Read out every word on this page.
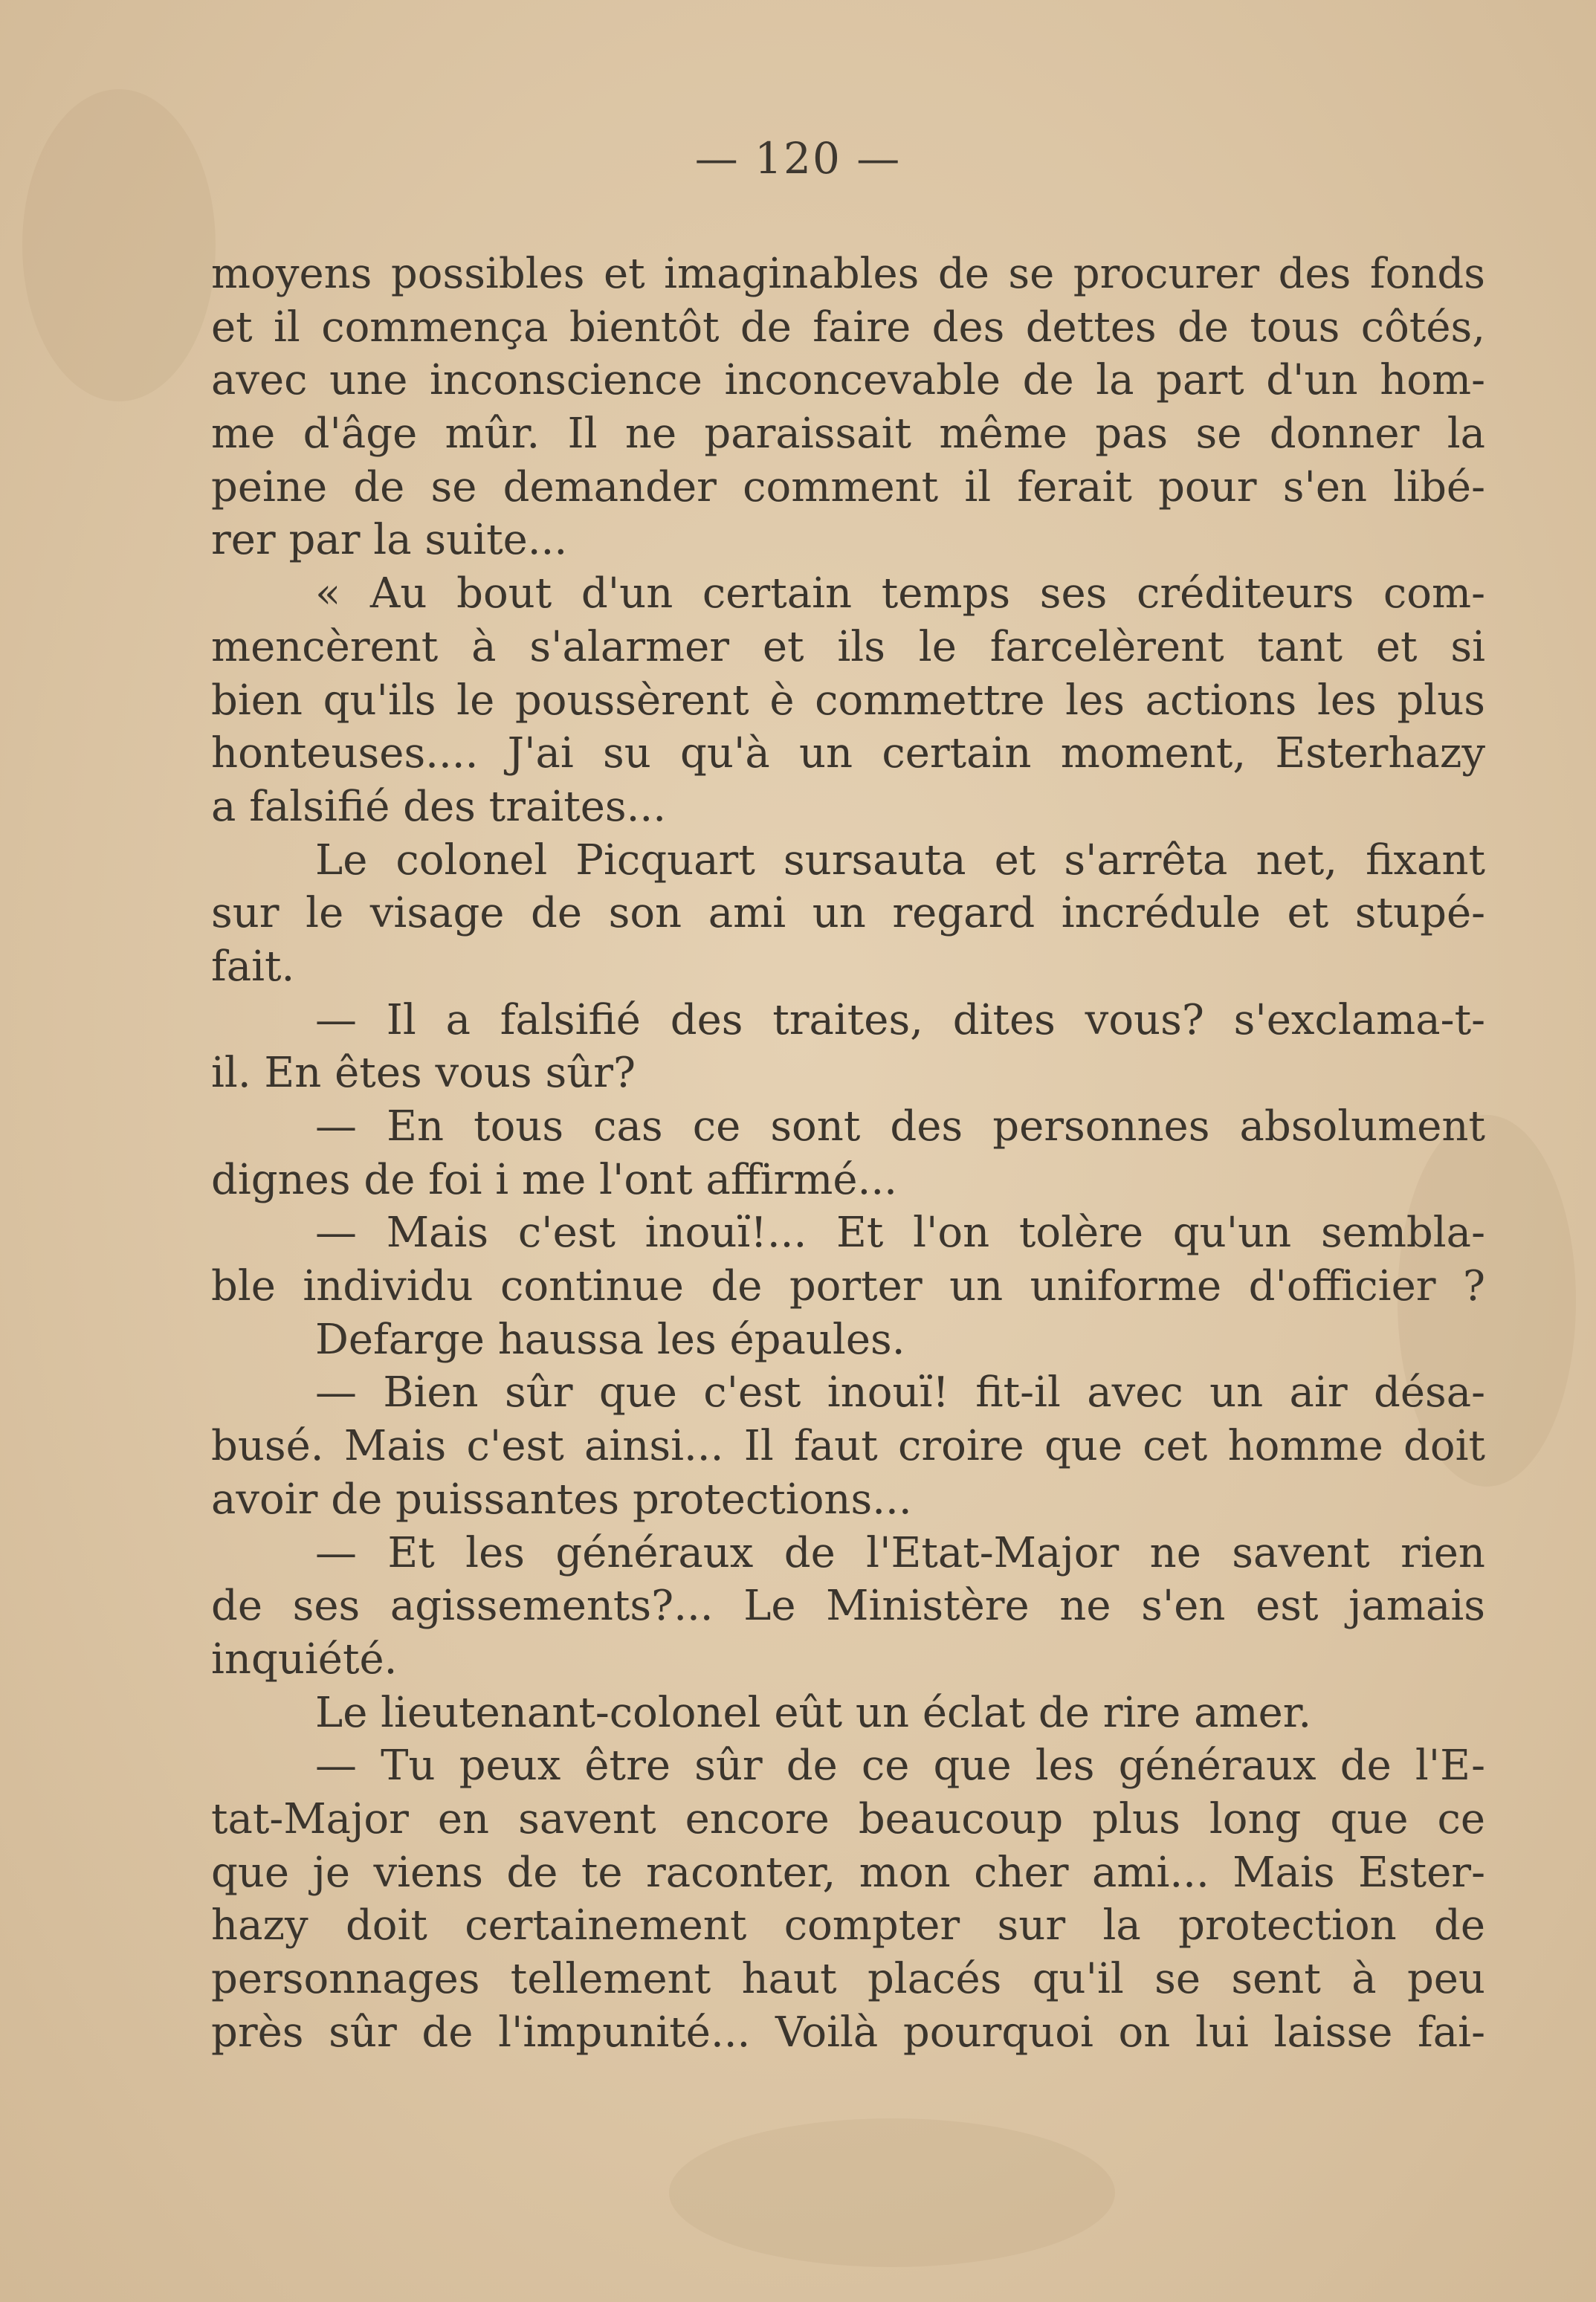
— 120 —
moyens possibles et imaginables de se procurer des fonds
et il commença bientôt de faire des dettes de tous côtés,
avec une inconscience inconcevable de la part d'un hom-
me d'âge mûr. Il ne paraissait même pas se donner la
peine de se demander comment il ferait pour s'en libé-
rer par la suite...
« Au bout d'un certain temps ses créditeurs com-
mencèrent à s'alarmer et ils le farcelèrent tant et si
bien qu'ils le poussèrent è commettre les actions les plus
honteuses.... J'ai su qu'à un certain moment, Esterhazy
a falsifié des traites...
Le colonel Picquart sursauta et s'arrêta net, fixant
sur le visage de son ami un regard incrédule et stupé-
fait.
— Il a falsifié des traites, dites vous? s'exclama-t-
il. En êtes vous sûr?
— En tous cas ce sont des personnes absolument
dignes de foi i me l'ont affirmé...
— Mais c'est inouï!... Et l'on tolère qu'un sembla-
ble individu continue de porter un uniforme d'officier ?
Defarge haussa les épaules.
— Bien sûr que c'est inouï! fit-il avec un air désa-
busé. Mais c'est ainsi... Il faut croire que cet homme doit
avoir de puissantes protections...
— Et les généraux de l'Etat-Major ne savent rien
de ses agissements?... Le Ministère ne s'en est jamais
inquiété.
Le lieutenant-colonel eût un éclat de rire amer.
— Tu peux être sûr de ce que les généraux de l'E-
tat-Major en savent encore beaucoup plus long que ce
que je viens de te raconter, mon cher ami... Mais Ester-
hazy doit certainement compter sur la protection de
personnages tellement haut placés qu'il se sent à peu
près sûr de l'impunité... Voilà pourquoi on lui laisse fai-
